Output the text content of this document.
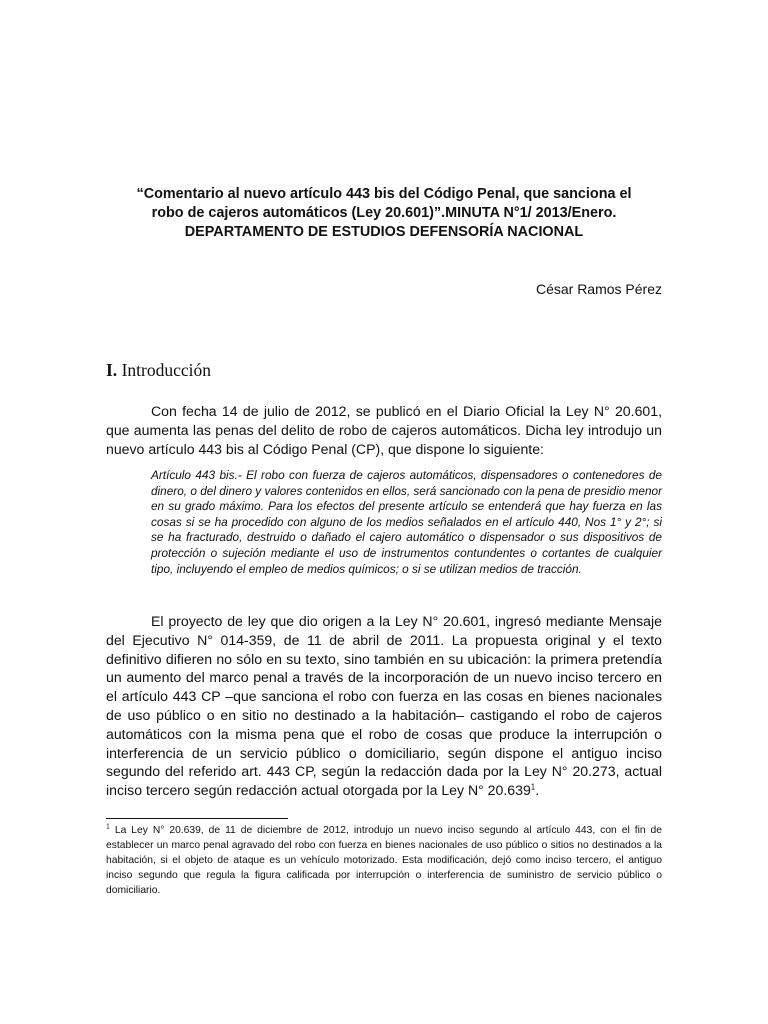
“Comentario al nuevo artículo 443 bis del Código Penal, que sanciona el
robo de cajeros automáticos (Ley 20.601)”.MINUTA N°1/ 2013/Enero.
DEPARTAMENTO DE ESTUDIOS DEFENSORÍA NACIONAL

César Ramos Pérez

I. Introducción

Con fecha 14 de julio de 2012, se publicó en el Diario Oficial la Ley N° 20.601, que aumenta las penas del delito de robo de cajeros automáticos. Dicha ley introdujo un nuevo artículo 443 bis al Código Penal (CP), que dispone lo siguiente:

Artículo 443 bis.- El robo con fuerza de cajeros automáticos, dispensadores o contenedores de dinero, o del dinero y valores contenidos en ellos, será sancionado con la pena de presidio menor en su grado máximo. Para los efectos del presente artículo se entenderá que hay fuerza en las cosas si se ha procedido con alguno de los medios señalados en el artículo 440, Nos 1° y 2°; si se ha fracturado, destruido o dañado el cajero automático o dispensador o sus dispositivos de protección o sujeción mediante el uso de instrumentos contundentes o cortantes de cualquier tipo, incluyendo el empleo de medios químicos; o si se utilizan medios de tracción.

El proyecto de ley que dio origen a la Ley N° 20.601, ingresó mediante Mensaje del Ejecutivo N° 014-359, de 11 de abril de 2011. La propuesta original y el texto definitivo difieren no sólo en su texto, sino también en su ubicación: la primera pretendía un aumento del marco penal a través de la incorporación de un nuevo inciso tercero en el artículo 443 CP –que sanciona el robo con fuerza en las cosas en bienes nacionales de uso público o en sitio no destinado a la habitación– castigando el robo de cajeros automáticos con la misma pena que el robo de cosas que produce la interrupción o interferencia de un servicio público o domiciliario, según dispone el antiguo inciso segundo del referido art. 443 CP, según la redacción dada por la Ley N° 20.273, actual inciso tercero según redacción actual otorgada por la Ley N° 20.639$^1$.

$^1$ La Ley N° 20.639, de 11 de diciembre de 2012, introdujo un nuevo inciso segundo al artículo 443, con el fin de establecer un marco penal agravado del robo con fuerza en bienes nacionales de uso público o sitios no destinados a la habitación, si el objeto de ataque es un vehículo motorizado. Esta modificación, dejó como inciso tercero, el antiguo inciso segundo que regula la figura calificada por interrupción o interferencia de suministro de servicio público o domiciliario.
